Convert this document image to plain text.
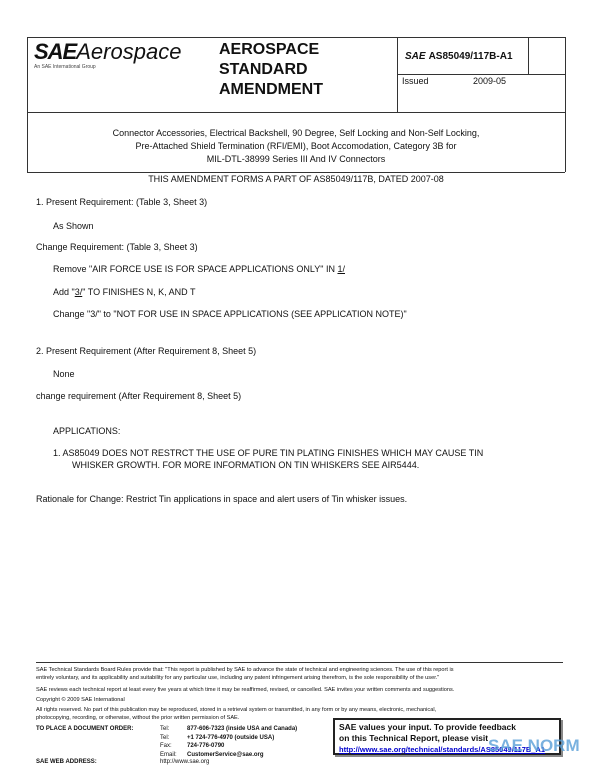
SAEAerospace
An SAE International Group
AEROSPACE
STANDARD
AMENDMENT
SAE AS85049/117B-A1
Issued	2009-05
Connector Accessories, Electrical Backshell, 90 Degree, Self Locking and Non-Self Locking,
Pre-Attached Shield Termination (RFI/EMI), Boot Accomodation, Category 3B for
MIL-DTL-38999 Series III And IV Connectors
THIS AMENDMENT FORMS A PART OF AS85049/117B, DATED 2007-08
1. Present Requirement: (Table 3, Sheet 3)
As Shown
Change Requirement: (Table 3, Sheet 3)
Remove "AIR FORCE USE IS FOR SPACE APPLICATIONS ONLY" IN 1/
Add "3/" TO FINISHES N, K, AND T
Change "3/" to "NOT FOR USE IN SPACE APPLICATIONS (SEE APPLICATION NOTE)"
2. Present Requirement (After Requirement 8, Sheet 5)
None
change requirement (After Requirement 8, Sheet 5)
APPLICATIONS:
1. AS85049 DOES NOT RESTRCT THE USE OF PURE TIN PLATING FINISHES WHICH MAY CAUSE TIN
WHISKER GROWTH. FOR MORE INFORMATION ON TIN WHISKERS SEE AIR5444.
Rationale for Change: Restrict Tin applications in space and alert users of Tin whisker issues.
SAE Technical Standards Board Rules provide that: "This report is published by SAE to advance the state of technical and engineering sciences. The use of this report is
entirely voluntary, and its applicability and suitability for any particular use, including any patent infringement arising therefrom, is the sole responsibility of the user."
SAE reviews each technical report at least every five years at which time it may be reaffirmed, revised, or cancelled. SAE invites your written comments and suggestions.
Copyright © 2009 SAE International
All rights reserved. No part of this publication may be reproduced, stored in a retrieval system or transmitted, in any form or by any means, electronic, mechanical,
photocopying, recording, or otherwise, without the prior written permission of SAE.
TO PLACE A DOCUMENT ORDER:	Tel:	877-606-7323 (inside USA and Canada)
Tel:	+1 724-776-4970 (outside USA)
Fax:	724-776-0790
Email: CustomerService@sae.org
SAE WEB ADDRESS:	http://www.sae.org
SAE values your input. To provide feedback
on this Technical Report, please visit
http://www.sae.org/technical/standards/AS85049/117B_A1
SAE NORM
